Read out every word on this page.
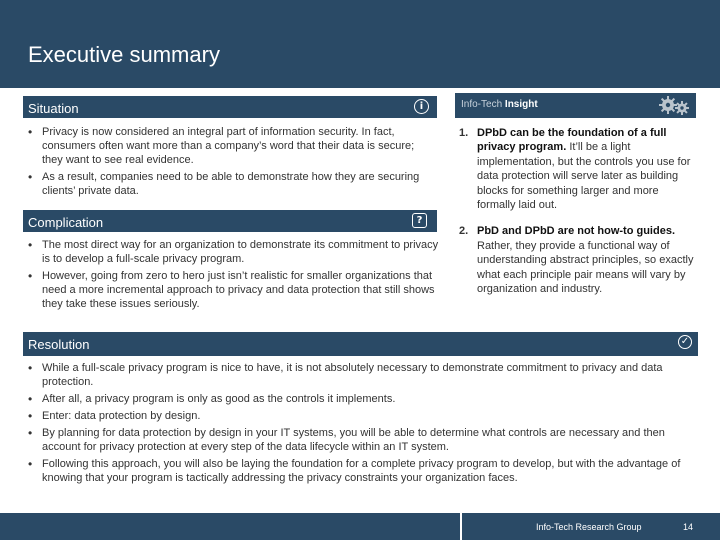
Executive summary
Situation	i
• Privacy is now considered an integral part of information security. In fact, consumers often want more than a company’s word that their data is secure; they want to see real evidence.
• As a result, companies need to be able to demonstrate how they are securing clients’ private data.
Complication	?
• The most direct way for an organization to demonstrate its commitment to privacy is to develop a full-scale privacy program.
• However, going from zero to hero just isn’t realistic for smaller organizations that need a more incremental approach to privacy and data protection that still shows they take these issues seriously.
Info-Tech Insight
1. DPbD can be the foundation of a full privacy program. It’ll be a light implementation, but the controls you use for data protection will serve later as building blocks for something larger and more formally laid out.
2. PbD and DPbD are not how-to guides. Rather, they provide a functional way of understanding abstract principles, so exactly what each principle pair means will vary by organization and industry.
Resolution	✓
• While a full-scale privacy program is nice to have, it is not absolutely necessary to demonstrate commitment to privacy and data protection.
• After all, a privacy program is only as good as the controls it implements.
• Enter: data protection by design.
• By planning for data protection by design in your IT systems, you will be able to determine what controls are necessary and then account for privacy protection at every step of the data lifecycle within an IT system.
• Following this approach, you will also be laying the foundation for a complete privacy program to develop, but with the advantage of knowing that your program is tactically addressing the privacy constraints your organization faces.
Info-Tech Research Group	14
